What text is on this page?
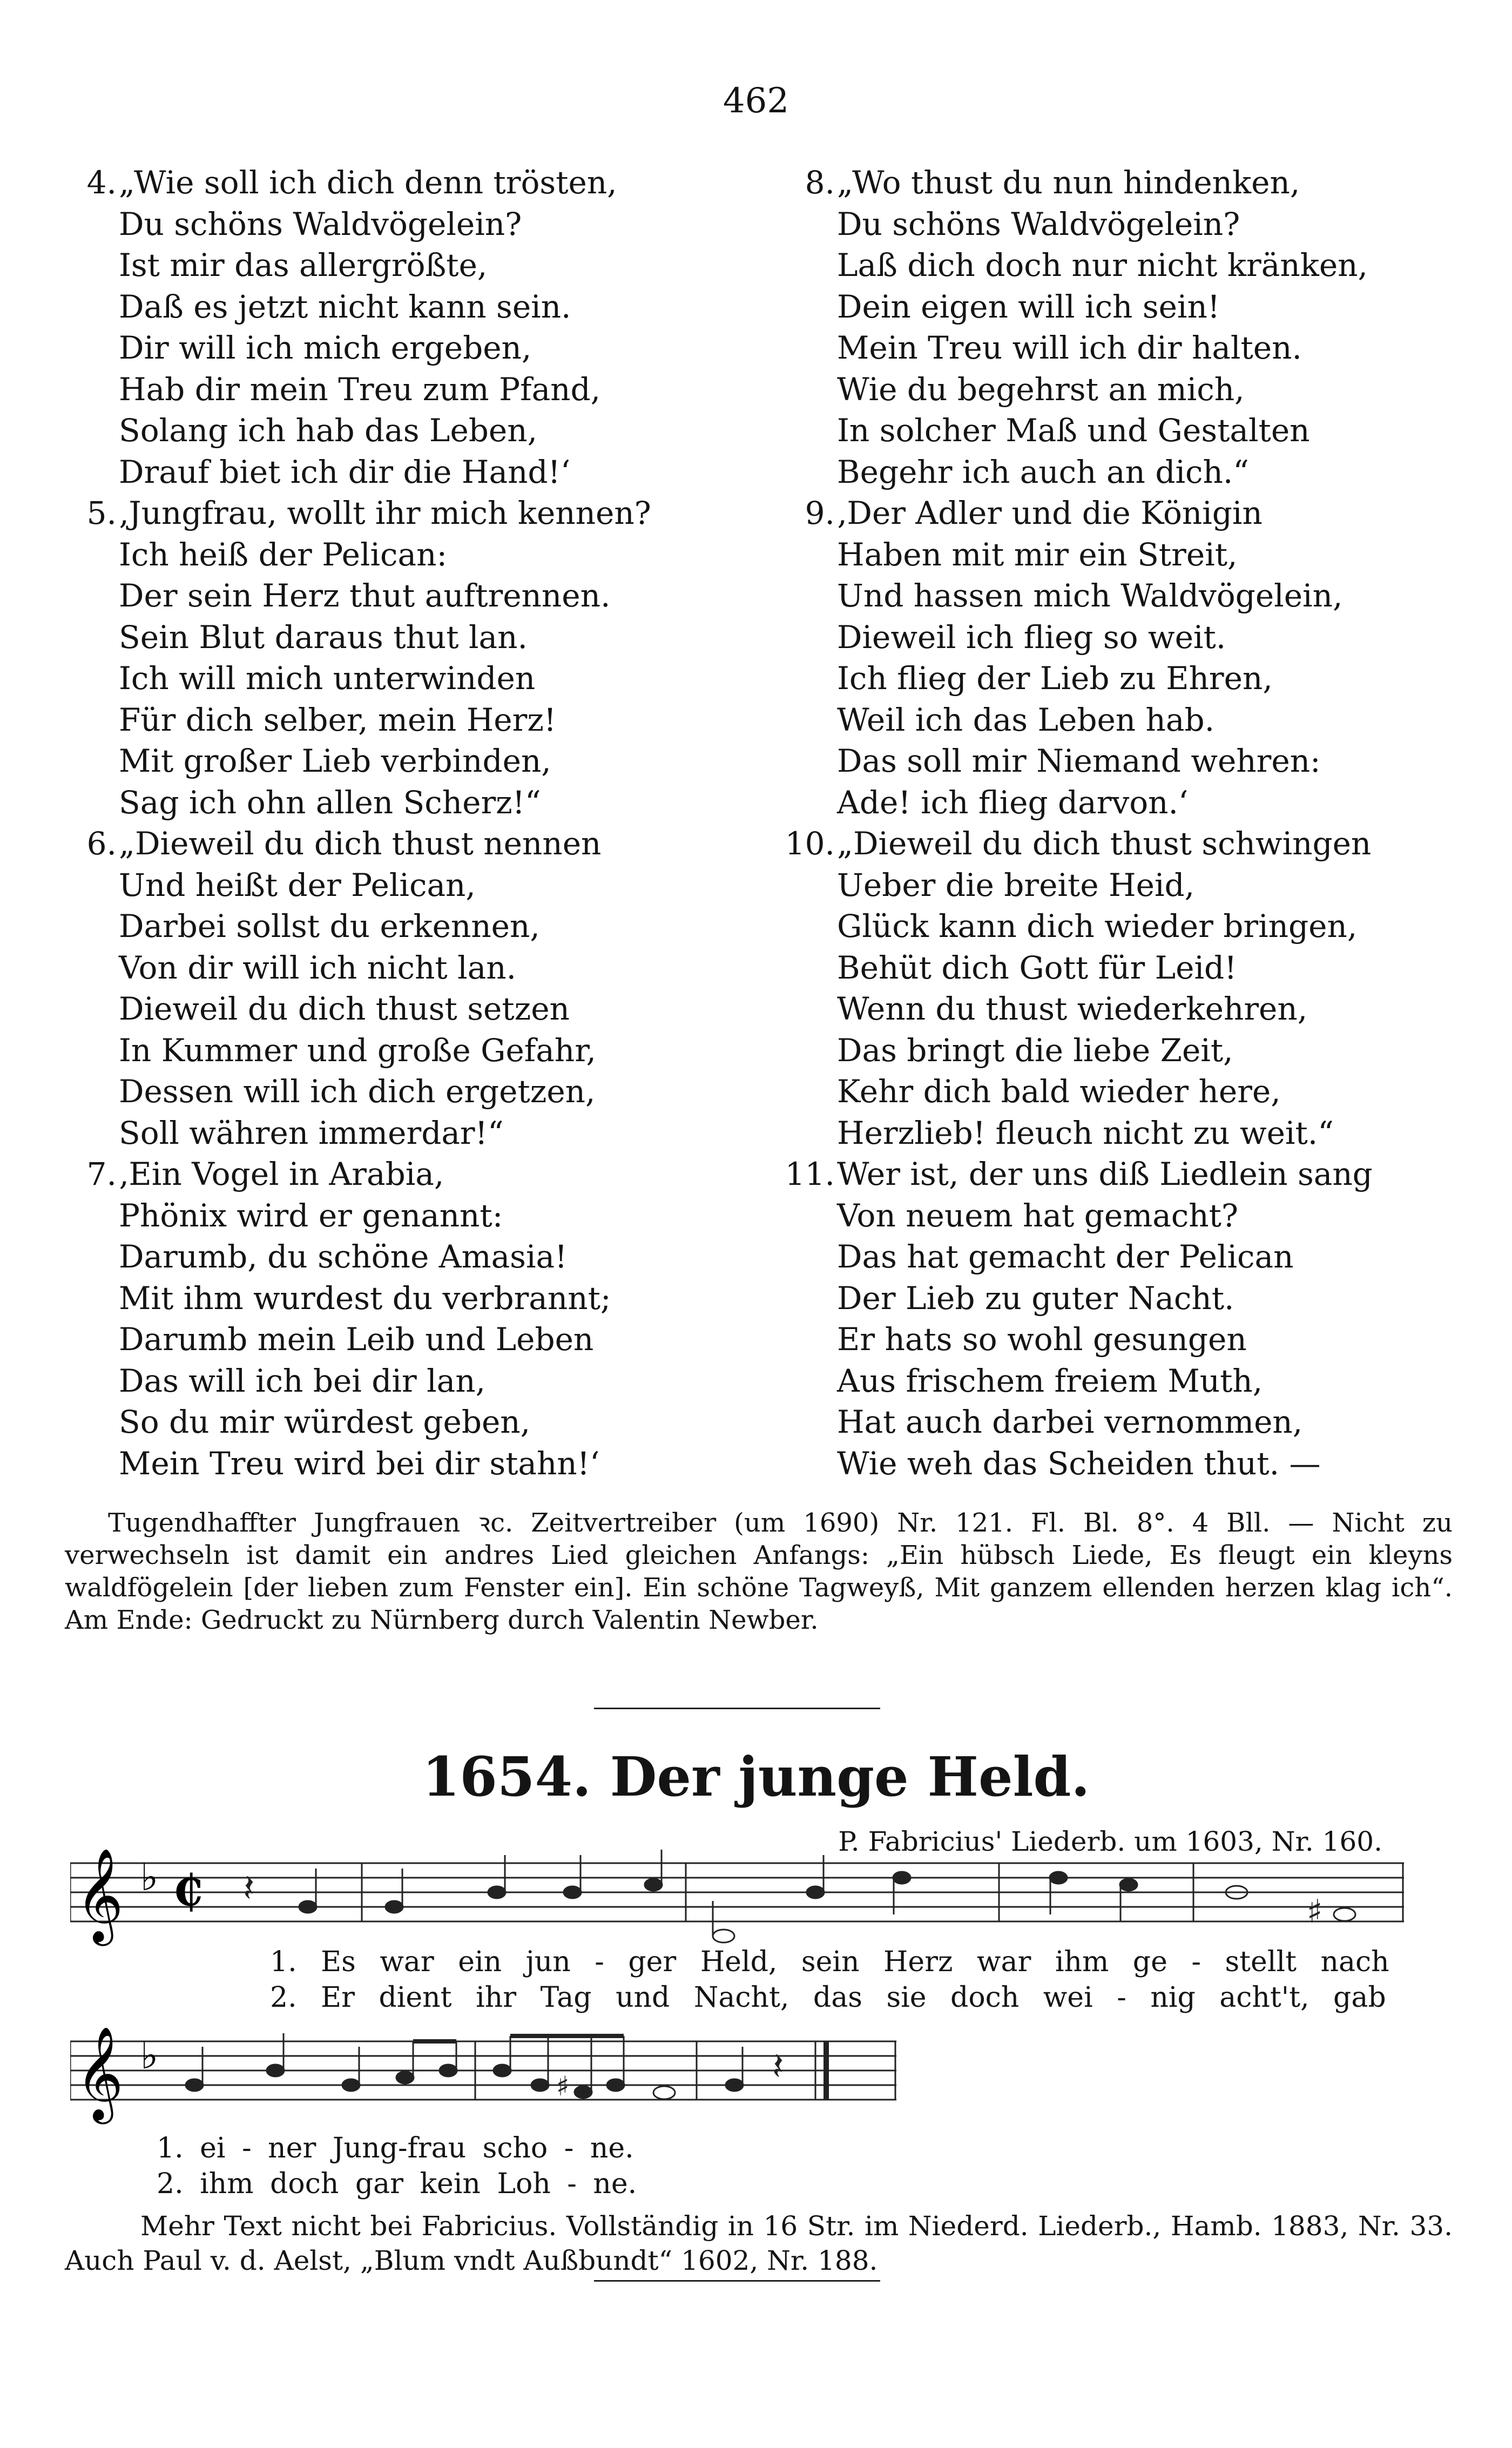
462
4. „Wie soll ich dich denn trösten,
Du schöns Waldvögelein?
Ist mir das allergrößte,
Daß es jetzt nicht kann sein.
Dir will ich mich ergeben,
Hab dir mein Treu zum Pfand,
Solang ich hab das Leben,
Drauf biet ich dir die Hand!‘
5. ‚Jungfrau, wollt ihr mich kennen?
Ich heiß der Pelican:
Der sein Herz thut auftrennen.
Sein Blut daraus thut lan.
Ich will mich unterwinden
Für dich selber, mein Herz!
Mit großer Lieb verbinden,
Sag ich ohn allen Scherz!“
6. „Dieweil du dich thust nennen
Und heißt der Pelican,
Darbei sollst du erkennen,
Von dir will ich nicht lan.
Dieweil du dich thust setzen
In Kummer und große Gefahr,
Dessen will ich dich ergetzen,
Soll währen immerdar!“
7. ‚Ein Vogel in Arabia,
Phönix wird er genannt:
Darumb, du schöne Amasia!
Mit ihm wurdest du verbrannt;
Darumb mein Leib und Leben
Das will ich bei dir lan,
So du mir würdest geben,
Mein Treu wird bei dir stahn!‘
8. „Wo thust du nun hindenken,
Du schöns Waldvögelein?
Laß dich doch nur nicht kränken,
Dein eigen will ich sein!
Mein Treu will ich dir halten.
Wie du begehrst an mich,
In solcher Maß und Gestalten
Begehr ich auch an dich.“
9. ‚Der Adler und die Königin
Haben mit mir ein Streit,
Und hassen mich Waldvögelein,
Dieweil ich flieg so weit.
Ich flieg der Lieb zu Ehren,
Weil ich das Leben hab.
Das soll mir Niemand wehren:
Ade! ich flieg darvon.‘
10. „Dieweil du dich thust schwingen
Ueber die breite Heid,
Glück kann dich wieder bringen,
Behüt dich Gott für Leid!
Wenn du thust wiederkehren,
Das bringt die liebe Zeit,
Kehr dich bald wieder here,
Herzlieb! fleuch nicht zu weit.“
11. Wer ist, der uns diß Liedlein sang
Von neuem hat gemacht?
Das hat gemacht der Pelican
Der Lieb zu guter Nacht.
Er hats so wohl gesungen
Aus frischem freiem Muth,
Hat auch darbei vernommen,
Wie weh das Scheiden thut. —
Tugendhaffter Jungfrauen ꝛc. Zeitvertreiber (um 1690) Nr. 121. Fl. Bl. 8°. 4 Bll. — Nicht zu verwechseln ist damit ein andres Lied gleichen Anfangs: „Ein hübsch Liede, Es fleugt ein kleyns waldfögelein [der lieben zum Fenster ein]. Ein schöne Tagweyß, Mit ganzem ellenden herzen klag ich“. Am Ende: Gedruckt zu Nürnberg durch Valentin Newber.
1654. Der junge Held.
P. Fabricius' Liederb. um 1603, Nr. 160.
𝄞 ♭ ₵ 𝄽
♯
1. Es war ein jun - ger Held, sein Herz war ihm ge - stellt nach
2. Er dient ihr Tag und Nacht, das sie doch wei - nig acht't, gab
𝄞 ♭
♯	𝄽
1. ei - ner Jung-frau scho - ne.
2. ihm doch gar kein Loh - ne.
Mehr Text nicht bei Fabricius. Vollständig in 16 Str. im Niederd. Liederb., Hamb. 1883, Nr. 33. Auch Paul v. d. Aelst, „Blum vndt Außbundt“ 1602, Nr. 188.
